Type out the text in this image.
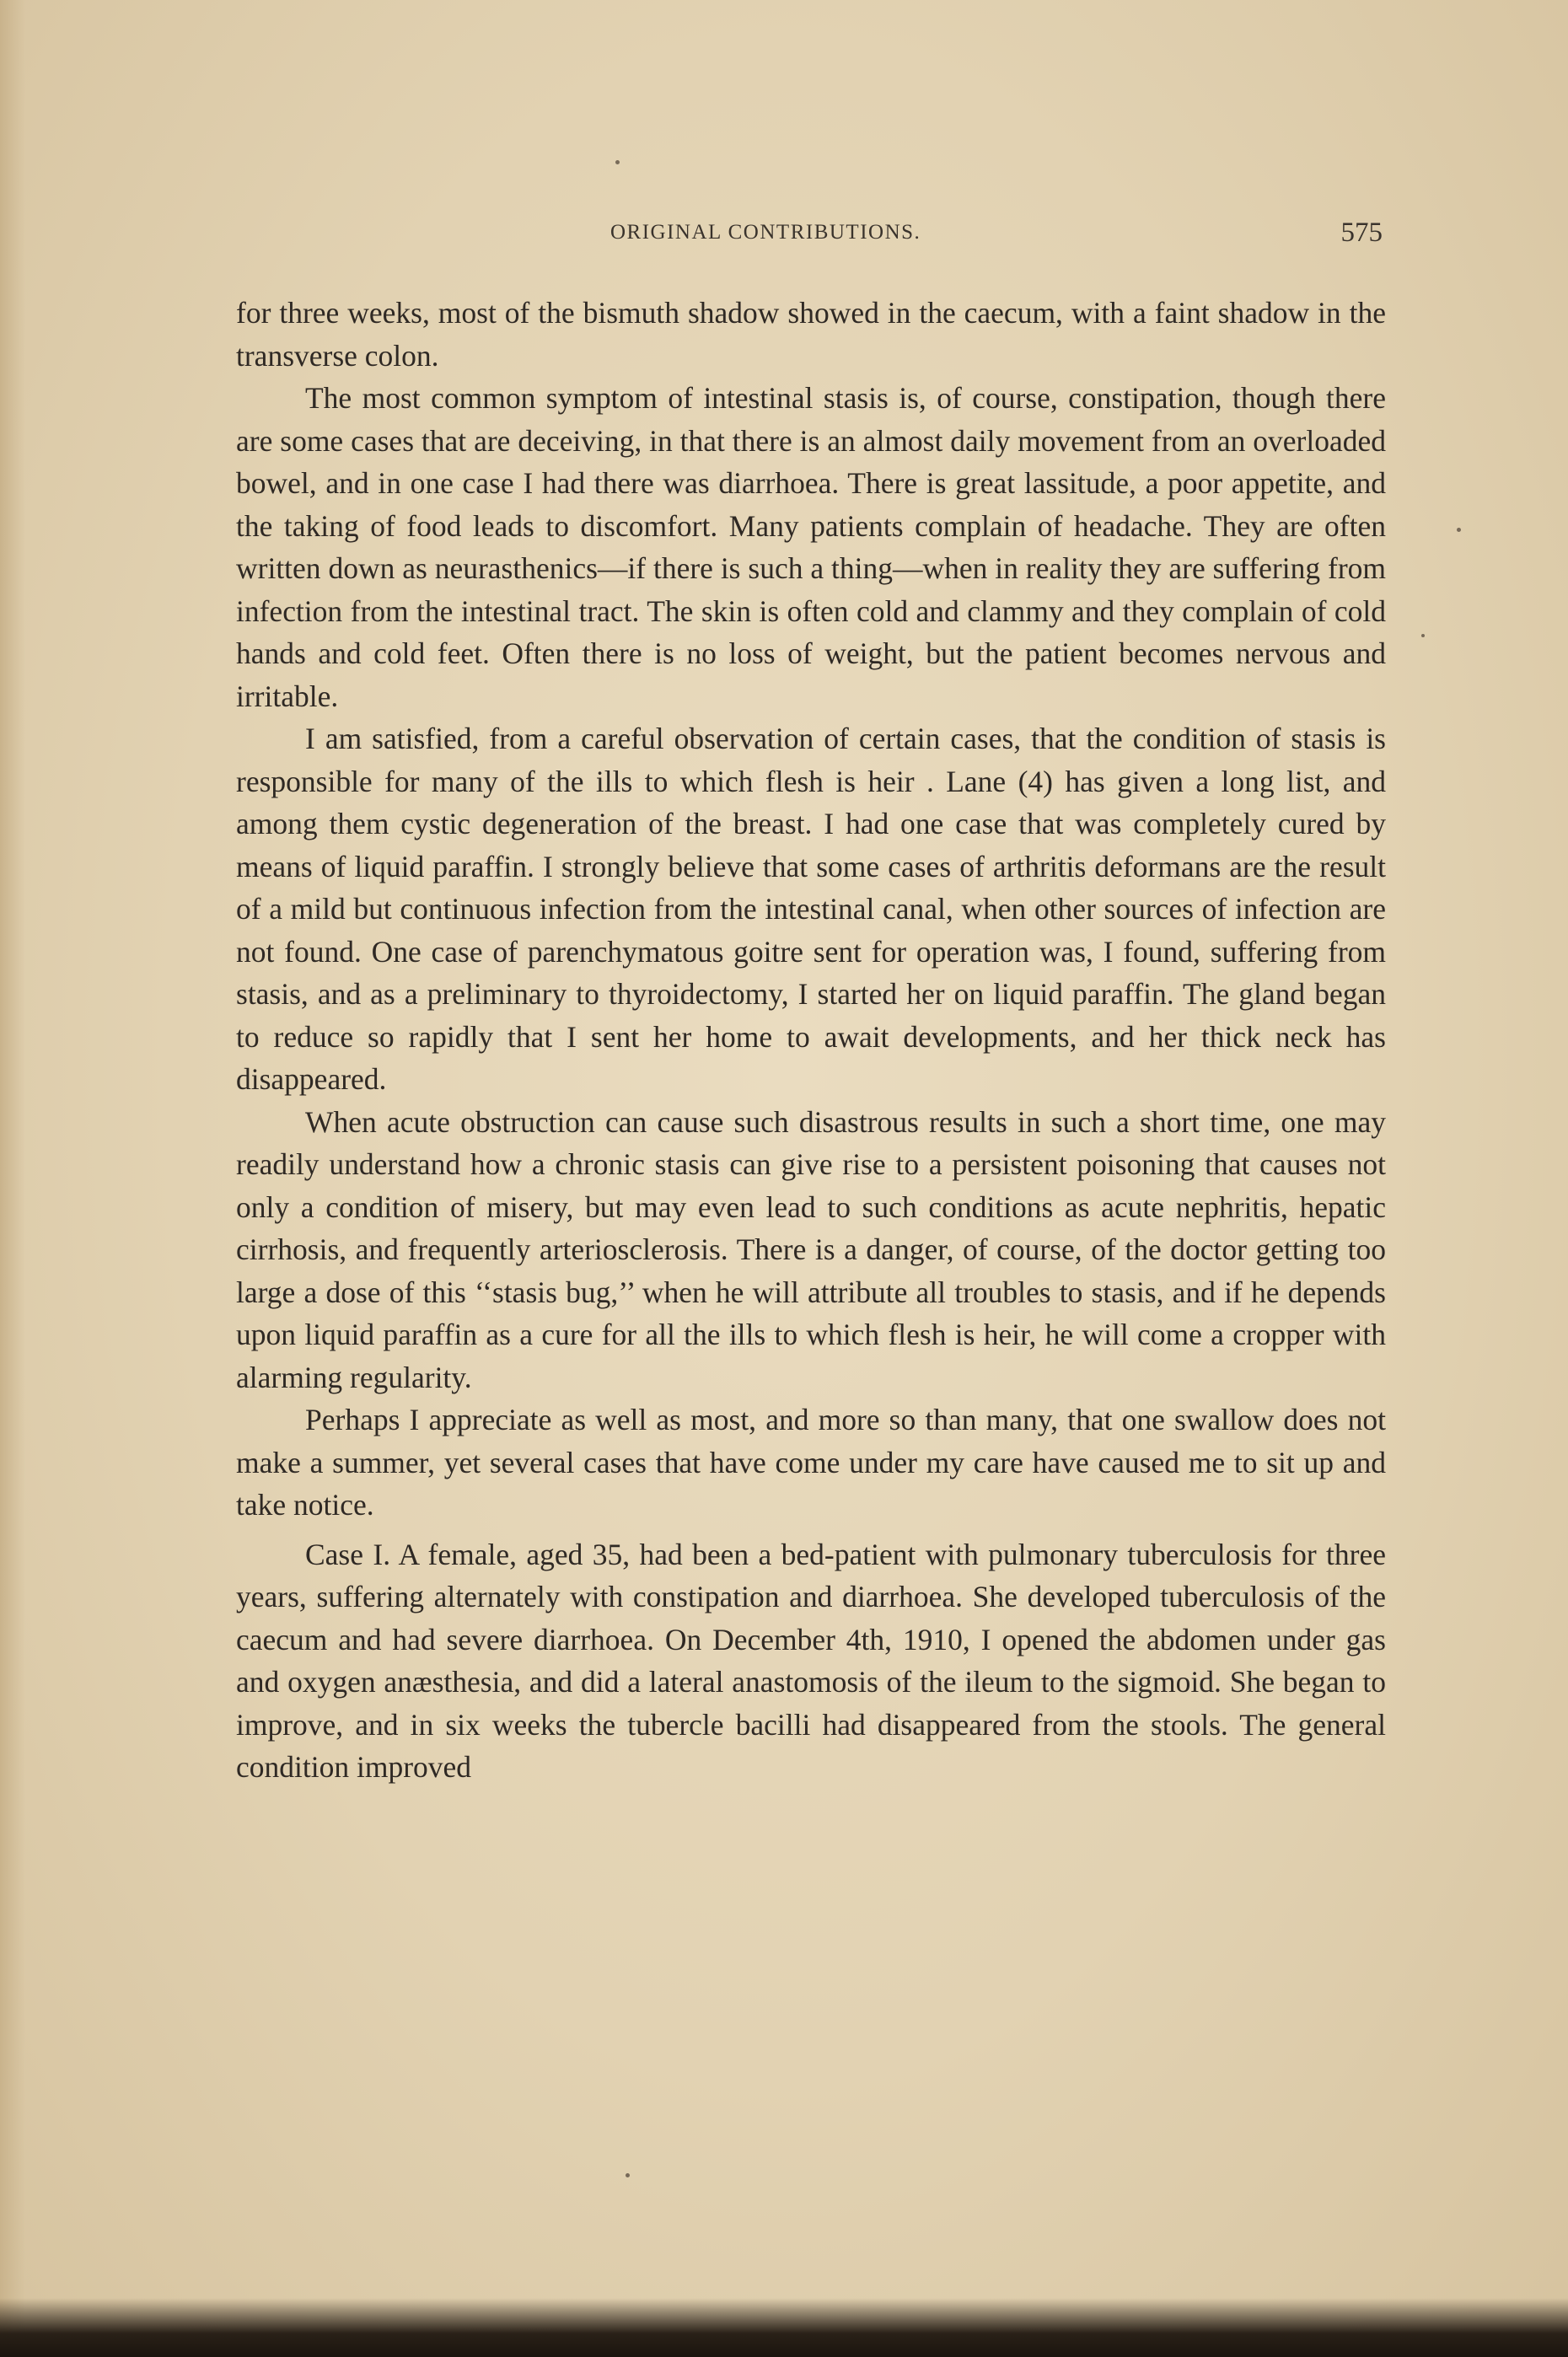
ORIGINAL CONTRIBUTIONS.	575

for three weeks, most of the bismuth shadow showed in the caecum, with a faint shadow in the transverse colon.

The most common symptom of intestinal stasis is, of course, constipation, though there are some cases that are deceiving, in that there is an almost daily movement from an overloaded bowel, and in one case I had there was diarrhoea. There is great lassitude, a poor appetite, and the taking of food leads to discomfort. Many patients complain of headache. They are often written down as neurasthenics—if there is such a thing—when in reality they are suffering from infection from the intestinal tract. The skin is often cold and clammy and they complain of cold hands and cold feet. Often there is no loss of weight, but the patient becomes nervous and irritable.

I am satisfied, from a careful observation of certain cases, that the condition of stasis is responsible for many of the ills to which flesh is heir . Lane (4) has given a long list, and among them cystic degeneration of the breast. I had one case that was completely cured by means of liquid paraffin. I strongly believe that some cases of arthritis deformans are the result of a mild but continuous infection from the intestinal canal, when other sources of infection are not found. One case of parenchymatous goitre sent for operation was, I found, suffering from stasis, and as a preliminary to thyroidectomy, I started her on liquid paraffin. The gland began to reduce so rapidly that I sent her home to await developments, and her thick neck has disappeared.

When acute obstruction can cause such disastrous results in such a short time, one may readily understand how a chronic stasis can give rise to a persistent poisoning that causes not only a condition of misery, but may even lead to such conditions as acute nephritis, hepatic cirrhosis, and frequently arteriosclerosis. There is a danger, of course, of the doctor getting too large a dose of this ‘‘stasis bug,’’ when he will attribute all troubles to stasis, and if he depends upon liquid paraffin as a cure for all the ills to which flesh is heir, he will come a cropper with alarming regularity.

Perhaps I appreciate as well as most, and more so than many, that one swallow does not make a summer, yet several cases that have come under my care have caused me to sit up and take notice.

Case I. A female, aged 35, had been a bed-patient with pulmonary tuberculosis for three years, suffering alternately with constipation and diarrhoea. She developed tuberculosis of the caecum and had severe diarrhoea. On December 4th, 1910, I opened the abdomen under gas and oxygen anæsthesia, and did a lateral anastomosis of the ileum to the sigmoid. She began to improve, and in six weeks the tubercle bacilli had disappeared from the stools. The general condition improved
